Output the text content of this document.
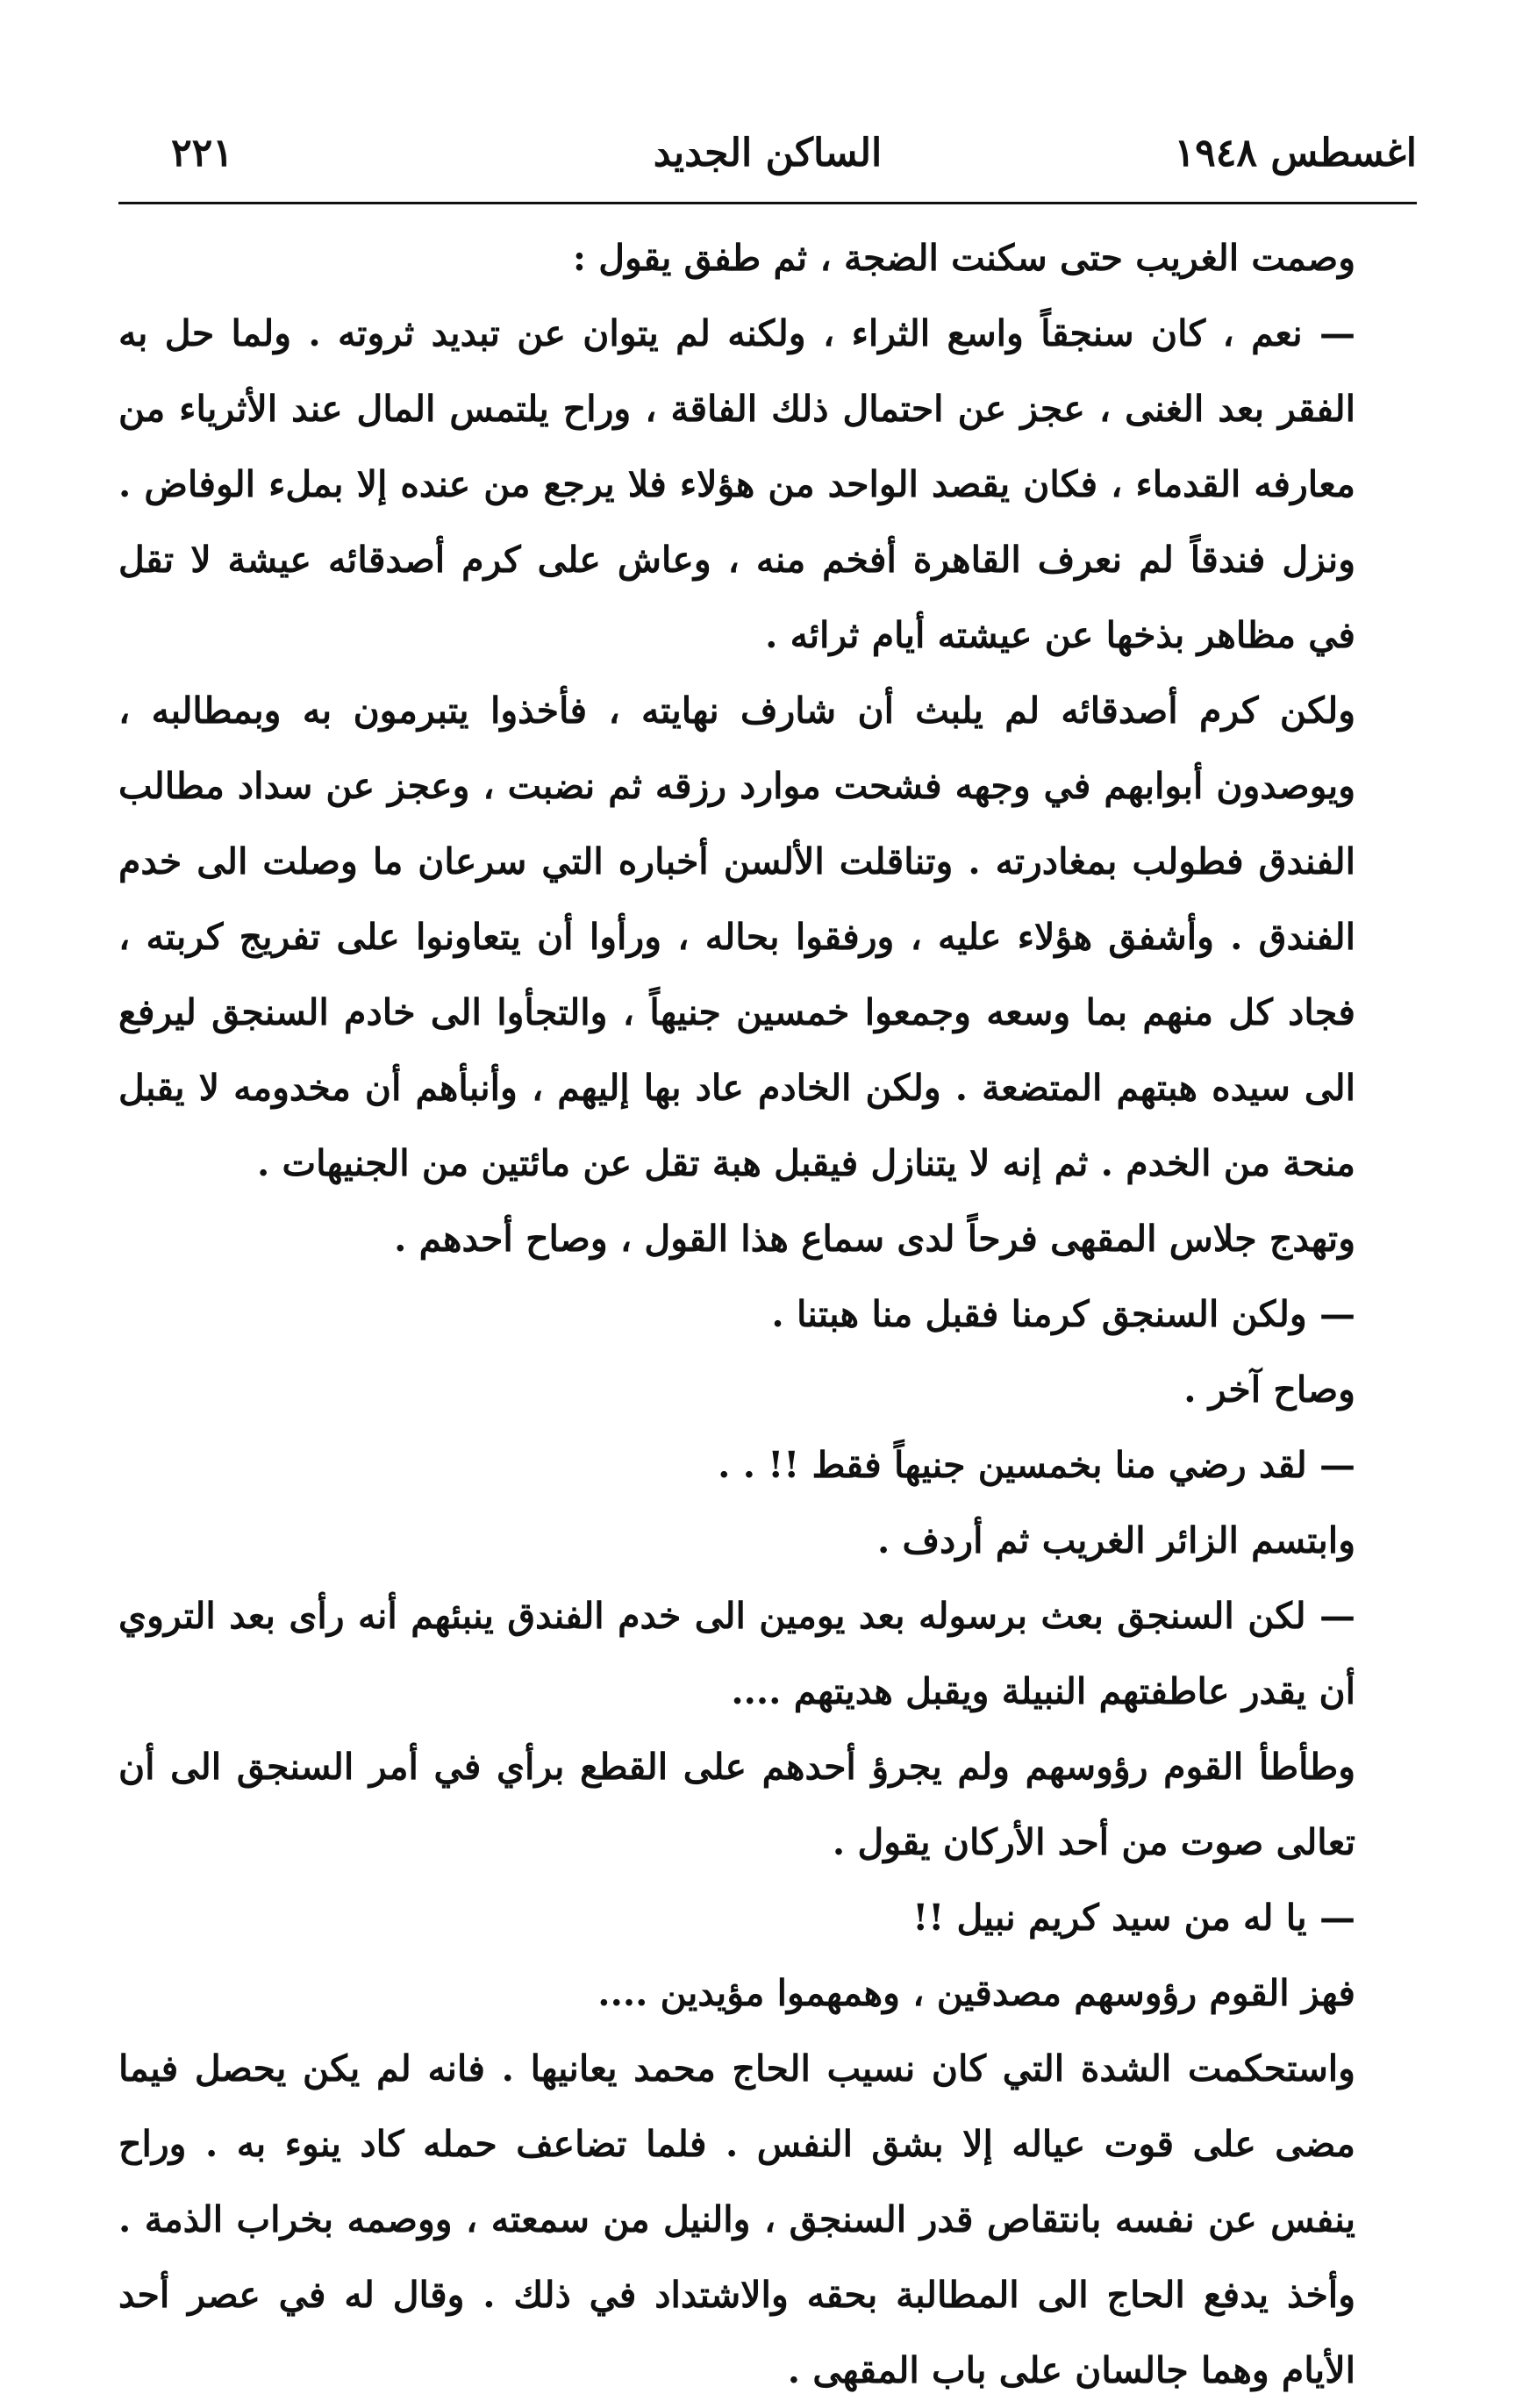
اغسطس ١٩٤٨
الساكن الجديد
٢٢١

وصمت الغريب حتى سكنت الضجة ، ثم طفق يقول :

— نعم ، كان سنجقاً واسع الثراء ، ولكنه لم يتوان عن تبديد ثروته . ولما حل به الفقر بعد الغنى ، عجز عن احتمال ذلك الفاقة ، وراح يلتمس المال عند الأثرياء من معارفه القدماء ، فكان يقصد الواحد من هؤلاء فلا يرجع من عنده إلا بملء الوفاض . ونزل فندقاً لم نعرف القاهرة أفخم منه ، وعاش على كرم أصدقائه عيشة لا تقل في مظاهر بذخها عن عيشته أيام ثرائه .

ولكن كرم أصدقائه لم يلبث أن شارف نهايته ، فأخذوا يتبرمون به وبمطالبه ، ويوصدون أبوابهم في وجهه فشحت موارد رزقه ثم نضبت ، وعجز عن سداد مطالب الفندق فطولب بمغادرته . وتناقلت الألسن أخباره التي سرعان ما وصلت الى خدم الفندق . وأشفق هؤلاء عليه ، ورفقوا بحاله ، ورأوا أن يتعاونوا على تفريج كربته ، فجاد كل منهم بما وسعه وجمعوا خمسين جنيهاً ، والتجأوا الى خادم السنجق ليرفع الى سيده هبتهم المتضعة . ولكن الخادم عاد بها إليهم ، وأنبأهم أن مخدومه لا يقبل منحة من الخدم . ثم إنه لا يتنازل فيقبل هبة تقل عن مائتين من الجنيهات .

وتهدج جلاس المقهى فرحاً لدى سماع هذا القول ، وصاح أحدهم .

— ولكن السنجق كرمنا فقبل منا هبتنا .

وصاح آخر .

— لقد رضي منا بخمسين جنيهاً فقط !! . .

وابتسم الزائر الغريب ثم أردف .

— لكن السنجق بعث برسوله بعد يومين الى خدم الفندق ينبئهم أنه رأى بعد التروي أن يقدر عاطفتهم النبيلة ويقبل هديتهم ....

وطأطأ القوم رؤوسهم ولم يجرؤ أحدهم على القطع برأي في أمر السنجق الى أن تعالى صوت من أحد الأركان يقول .

— يا له من سيد كريم نبيل !!

فهز القوم رؤوسهم مصدقين ، وهمهموا مؤيدين ....

واستحكمت الشدة التي كان نسيب الحاج محمد يعانيها . فانه لم يكن يحصل فيما مضى على قوت عياله إلا بشق النفس . فلما تضاعف حمله كاد ينوء به . وراح ينفس عن نفسه بانتقاص قدر السنجق ، والنيل من سمعته ، ووصمه بخراب الذمة . وأخذ يدفع الحاج الى المطالبة بحقه والاشتداد في ذلك . وقال له في عصر أحد الأيام وهما جالسان على باب المقهى .
